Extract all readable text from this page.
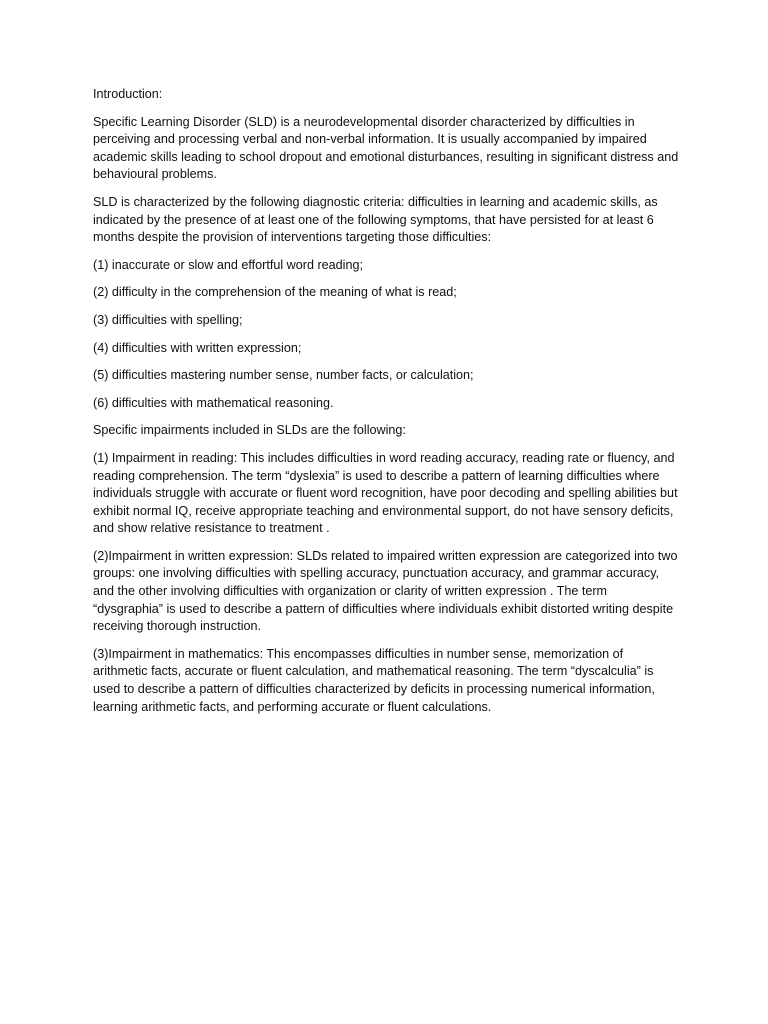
Introduction:

Specific Learning Disorder (SLD) is a neurodevelopmental disorder characterized by difficulties in perceiving and processing verbal and non-verbal information. It is usually accompanied by impaired academic skills leading to school dropout and emotional disturbances, resulting in significant distress and behavioural problems.

SLD is characterized by the following diagnostic criteria: difficulties in learning and academic skills, as indicated by the presence of at least one of the following symptoms, that have persisted for at least 6 months despite the provision of interventions targeting those difficulties:

(1) inaccurate or slow and effortful word reading;

(2) difficulty in the comprehension of the meaning of what is read;

(3) difficulties with spelling;

(4) difficulties with written expression;

(5) difficulties mastering number sense, number facts, or calculation;

(6) difficulties with mathematical reasoning.

Specific impairments included in SLDs are the following:

(1) Impairment in reading: This includes difficulties in word reading accuracy, reading rate or fluency, and reading comprehension. The term “dyslexia” is used to describe a pattern of learning difficulties where individuals struggle with accurate or fluent word recognition, have poor decoding and spelling abilities but exhibit normal IQ, receive appropriate teaching and environmental support, do not have sensory deficits, and show relative resistance to treatment .

(2)Impairment in written expression: SLDs related to impaired written expression are categorized into two groups: one involving difficulties with spelling accuracy, punctuation accuracy, and grammar accuracy, and the other involving difficulties with organization or clarity of written expression . The term “dysgraphia” is used to describe a pattern of difficulties where individuals exhibit distorted writing despite receiving thorough instruction.

(3)Impairment in mathematics: This encompasses difficulties in number sense, memorization of arithmetic facts, accurate or fluent calculation, and mathematical reasoning. The term “dyscalculia” is used to describe a pattern of difficulties characterized by deficits in processing numerical information, learning arithmetic facts, and performing accurate or fluent calculations.
